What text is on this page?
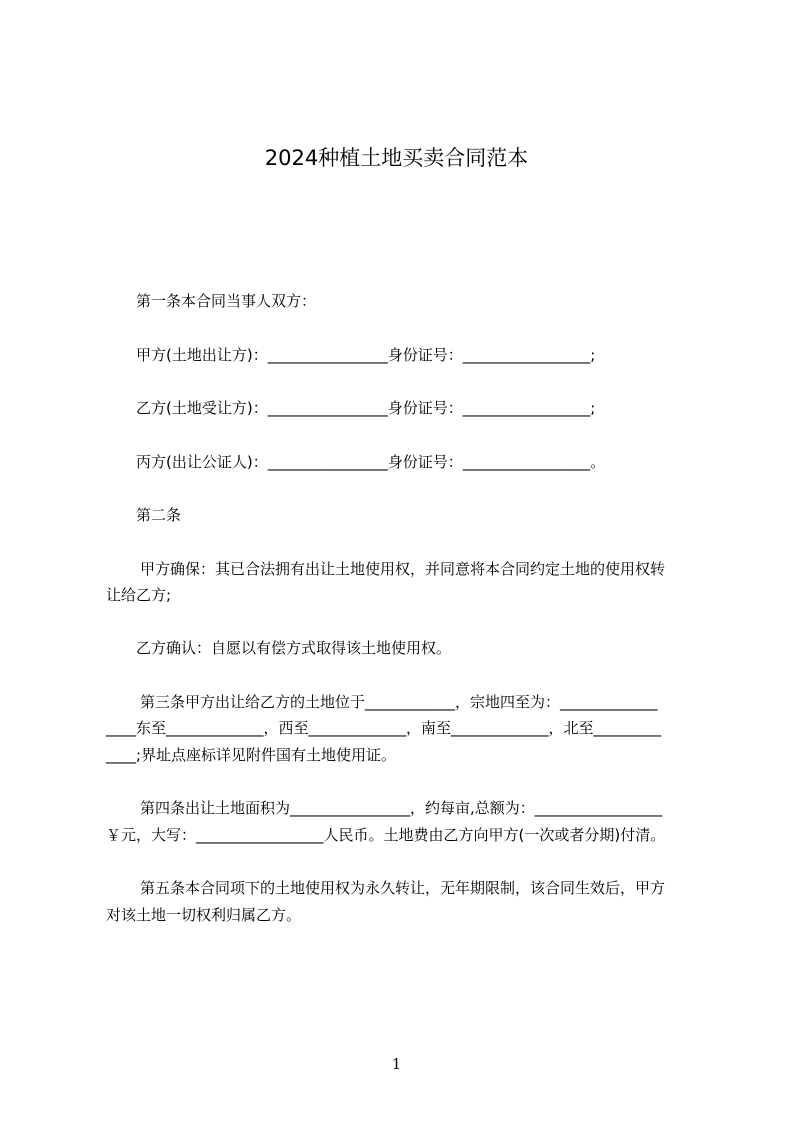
2024种植土地买卖合同范本
第一条本合同当事人双方：
甲方(土地出让方)：________________身份证号：_________________;
乙方(土地受让方)：________________身份证号：_________________;
丙方(出让公证人)：________________身份证号：_________________。
第二条
甲方确保：其已合法拥有出让土地使用权，并同意将本合同约定土地的使用权转
让给乙方;
乙方确认：自愿以有偿方式取得该土地使用权。
第三条甲方出让给乙方的土地位于____________，宗地四至为：_____________
____东至_____________，西至_____________，南至_____________，北至_________
____;界址点座标详见附件国有土地使用证。
第四条出让土地面积为________________，约每亩,总额为：_________________
￥元，大写：_________________人民币。土地费由乙方向甲方(一次或者分期)付清。
第五条本合同项下的土地使用权为永久转让，无年期限制，该合同生效后，甲方
对该土地一切权利归属乙方。
1
